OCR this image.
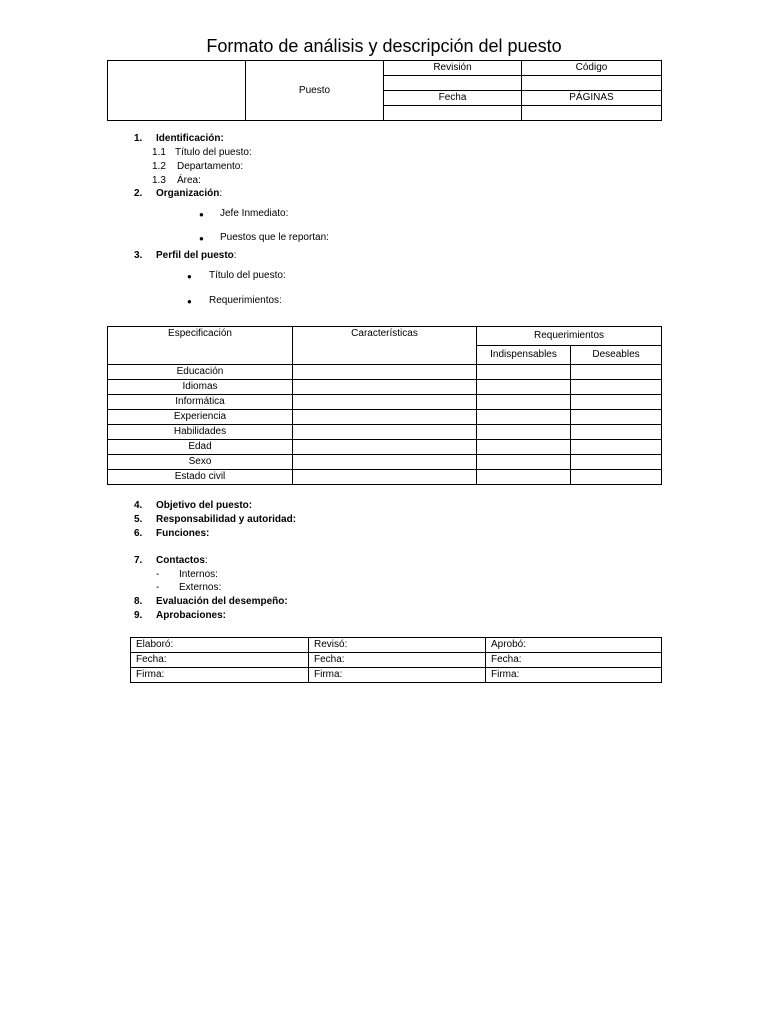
Formato de análisis y descripción del puesto
	Puesto	Revisión	Código

		Fecha	PÁGINAS

1. Identificación:
1.1 Título del puesto:
1.2 Departamento:
1.3 Área:
2. Organización:
● Jefe Inmediato:
● Puestos que le reportan:
3. Perfil del puesto:
● Título del puesto:
● Requerimientos:
Especificación	Características	Requerimientos	
		Indispensables	Deseables
Educación			
Idiomas			
Informática			
Experiencia			
Habilidades			
Edad			
Sexo			
Estado civil			
4. Objetivo del puesto:
5. Responsabilidad y autoridad:
6. Funciones:
7. Contactos:
- Internos:
- Externos:
8. Evaluación del desempeño:
9. Aprobaciones:
Elaboró:	Revisó:	Aprobó:
Fecha:	Fecha:	Fecha:
Firma:	Firma:	Firma:
